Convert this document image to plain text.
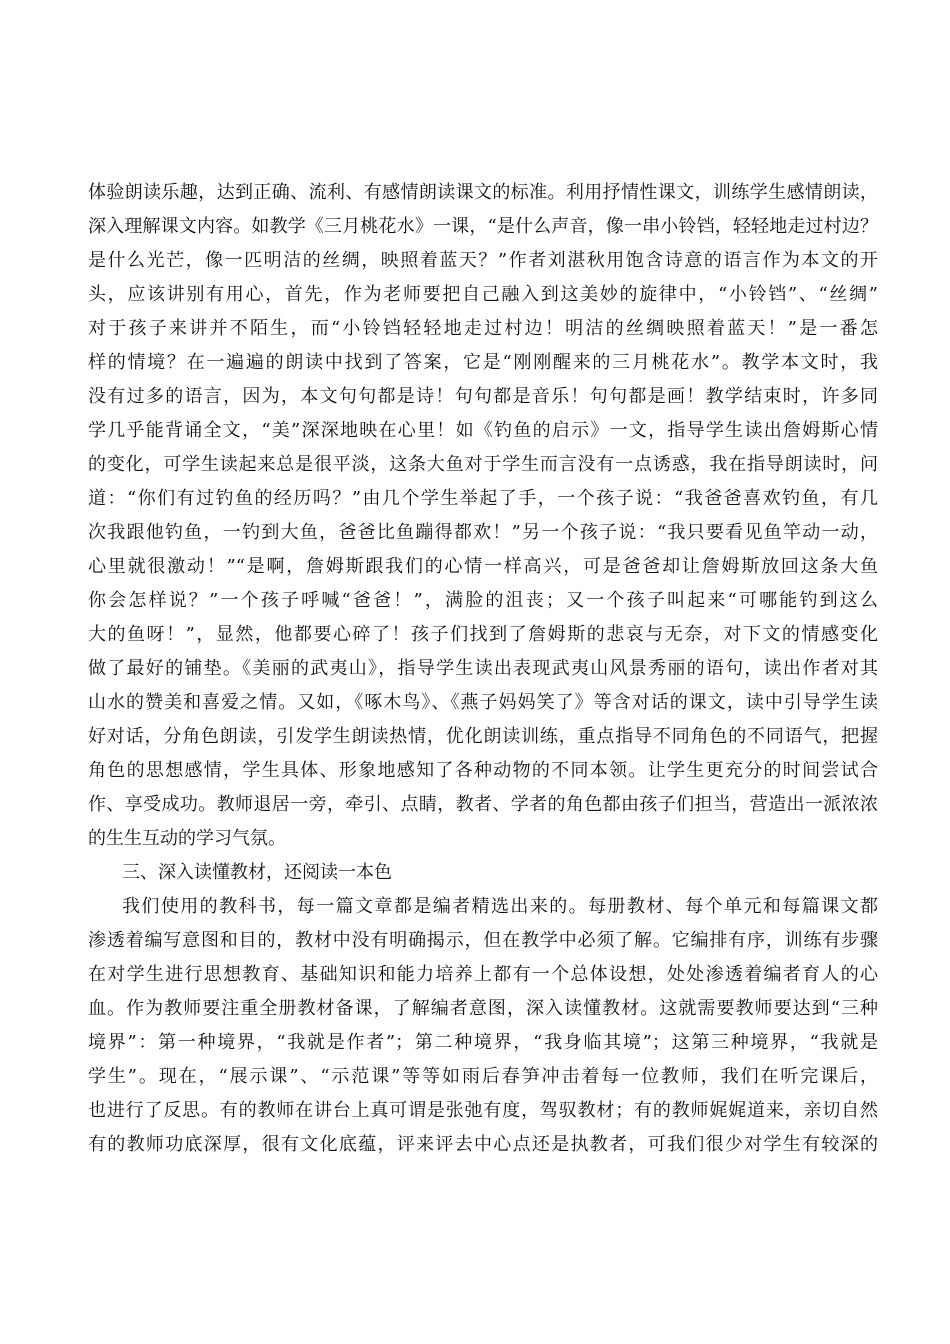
体验朗读乐趣，达到正确、流利、有感情朗读课文的标准。利用抒情性课文，训练学生感情朗读，
深入理解课文内容。如教学《三月桃花水》一课，“是什么声音，像一串小铃铛，轻轻地走过村边？
是什么光芒，像一匹明洁的丝绸，映照着蓝天？”作者刘湛秋用饱含诗意的语言作为本文的开
头，应该讲别有用心，首先，作为老师要把自己融入到这美妙的旋律中，“小铃铛”、“丝绸”
对于孩子来讲并不陌生，而“小铃铛轻轻地走过村边！明洁的丝绸映照着蓝天！”是一番怎
样的情境？在一遍遍的朗读中找到了答案，它是“刚刚醒来的三月桃花水”。教学本文时，我
没有过多的语言，因为，本文句句都是诗！句句都是音乐！句句都是画！教学结束时，许多同
学几乎能背诵全文，“美”深深地映在心里！如《钓鱼的启示》一文，指导学生读出詹姆斯心情
的变化，可学生读起来总是很平淡，这条大鱼对于学生而言没有一点诱惑，我在指导朗读时，问
道：“你们有过钓鱼的经历吗？”由几个学生举起了手，一个孩子说：“我爸爸喜欢钓鱼，有几
次我跟他钓鱼，一钓到大鱼，爸爸比鱼蹦得都欢！”另一个孩子说：“我只要看见鱼竿动一动，
心里就很激动！”“是啊，詹姆斯跟我们的心情一样高兴，可是爸爸却让詹姆斯放回这条大鱼
你会怎样说？”一个孩子呼喊“爸爸！”，满脸的沮丧；又一个孩子叫起来“可哪能钓到这么
大的鱼呀！”，显然，他都要心碎了！孩子们找到了詹姆斯的悲哀与无奈，对下文的情感变化
做了最好的铺垫。《美丽的武夷山》，指导学生读出表现武夷山风景秀丽的语句，读出作者对其
山水的赞美和喜爱之情。又如，《啄木鸟》、《燕子妈妈笑了》等含对话的课文，读中引导学生读
好对话，分角色朗读，引发学生朗读热情，优化朗读训练，重点指导不同角色的不同语气，把握
角色的思想感情，学生具体、形象地感知了各种动物的不同本领。让学生更充分的时间尝试合
作、享受成功。教师退居一旁，牵引、点睛，教者、学者的角色都由孩子们担当，营造出一派浓浓
的生生互动的学习气氛。
三、深入读懂教材，还阅读一本色
我们使用的教科书，每一篇文章都是编者精选出来的。每册教材、每个单元和每篇课文都
渗透着编写意图和目的，教材中没有明确揭示，但在教学中必须了解。它编排有序，训练有步骤
在对学生进行思想教育、基础知识和能力培养上都有一个总体设想，处处渗透着编者育人的心
血。作为教师要注重全册教材备课，了解编者意图，深入读懂教材。这就需要教师要达到“三种
境界”：第一种境界，“我就是作者”；第二种境界，“我身临其境”；这第三种境界，“我就是
学生”。现在，“展示课”、“示范课”等等如雨后春笋冲击着每一位教师，我们在听完课后，
也进行了反思。有的教师在讲台上真可谓是张弛有度，驾驭教材；有的教师娓娓道来，亲切自然
有的教师功底深厚，很有文化底蕴，评来评去中心点还是执教者，可我们很少对学生有较深的
